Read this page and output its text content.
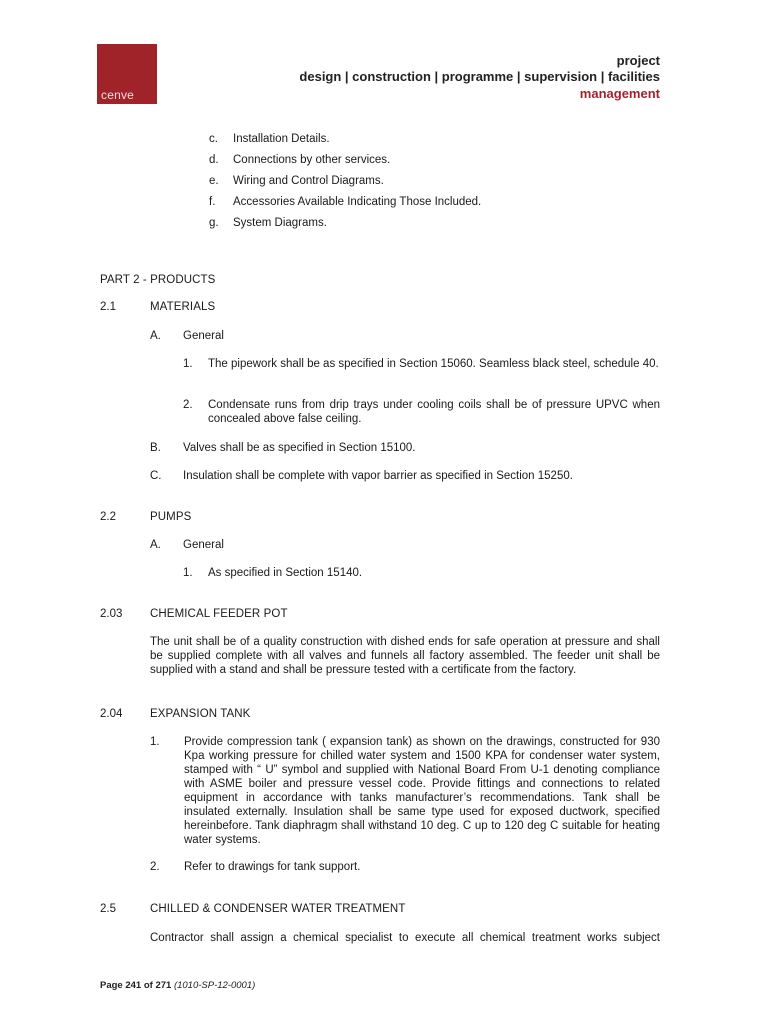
cenve
project
design | construction | programme | supervision | facilities
management
c. Installation Details.
d. Connections by other services.
e. Wiring and Control Diagrams.
f. Accessories Available Indicating Those Included.
g. System Diagrams.
PART 2 - PRODUCTS
2.1	MATERIALS
A. General
1. The pipework shall be as specified in Section 15060. Seamless black steel, schedule 40.
2. Condensate runs from drip trays under cooling coils shall be of pressure UPVC when concealed above false ceiling.
B. Valves shall be as specified in Section 15100.
C. Insulation shall be complete with vapor barrier as specified in Section 15250.
2.2	PUMPS
A. General
1. As specified in Section 15140.
2.03 CHEMICAL FEEDER POT
The unit shall be of a quality construction with dished ends for safe operation at pressure and shall be supplied complete with all valves and funnels all factory assembled. The feeder unit shall be supplied with a stand and shall be pressure tested with a certificate from the factory.
2.04 EXPANSION TANK
1. Provide compression tank ( expansion tank) as shown on the drawings, constructed for 930 Kpa working pressure for chilled water system and 1500 KPA for condenser water system, stamped with “ U” symbol and supplied with National Board From U-1 denoting compliance with ASME boiler and pressure vessel code. Provide fittings and connections to related equipment in accordance with tanks manufacturer’s recommendations. Tank shall be insulated externally. Insulation shall be same type used for exposed ductwork, specified hereinbefore. Tank diaphragm shall withstand 10 deg. C up to 120 deg C suitable for heating water systems.
2. Refer to drawings for tank support.
2.5	CHILLED & CONDENSER WATER TREATMENT
Contractor shall assign a chemical specialist to execute all chemical treatment works subject
Page 241 of 271 (1010-SP-12-0001)
